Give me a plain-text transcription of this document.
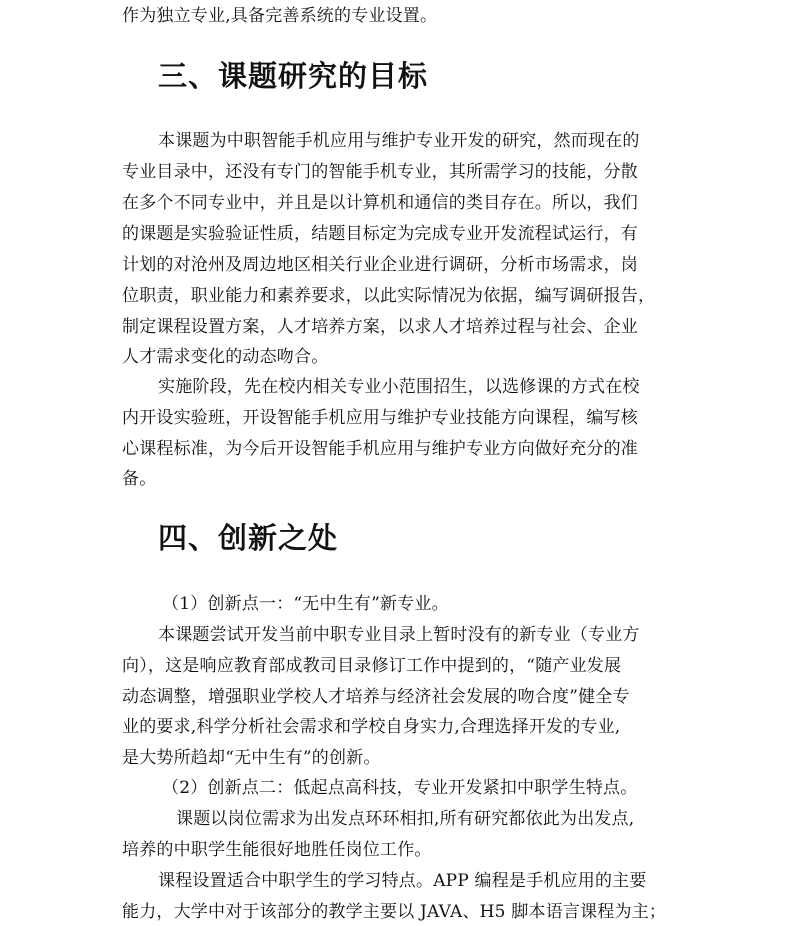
作为独立专业,具备完善系统的专业设置。
三、课题研究的目标
本课题为中职智能手机应用与维护专业开发的研究，然而现在的
专业目录中，还没有专门的智能手机专业，其所需学习的技能，分散
在多个不同专业中，并且是以计算机和通信的类目存在。所以，我们
的课题是实验验证性质，结题目标定为完成专业开发流程试运行，有
计划的对沧州及周边地区相关行业企业进行调研，分析市场需求，岗
位职责，职业能力和素养要求，以此实际情况为依据，编写调研报告，
制定课程设置方案，人才培养方案，以求人才培养过程与社会、企业
人才需求变化的动态吻合。
实施阶段，先在校内相关专业小范围招生，以选修课的方式在校
内开设实验班，开设智能手机应用与维护专业技能方向课程，编写核
心课程标准，为今后开设智能手机应用与维护专业方向做好充分的准
备。
四、创新之处
（1）创新点一：“无中生有”新专业。
本课题尝试开发当前中职专业目录上暂时没有的新专业（专业方
向），这是响应教育部成教司目录修订工作中提到的，“随产业发展
动态调整，增强职业学校人才培养与经济社会发展的吻合度”健全专
业的要求,科学分析社会需求和学校自身实力,合理选择开发的专业,
是大势所趋却“无中生有”的创新。
（2）创新点二：低起点高科技，专业开发紧扣中职学生特点。
课题以岗位需求为出发点环环相扣,所有研究都依此为出发点,
培养的中职学生能很好地胜任岗位工作。
课程设置适合中职学生的学习特点。APP 编程是手机应用的主要
能力，大学中对于该部分的教学主要以 JAVA、H5 脚本语言课程为主；
